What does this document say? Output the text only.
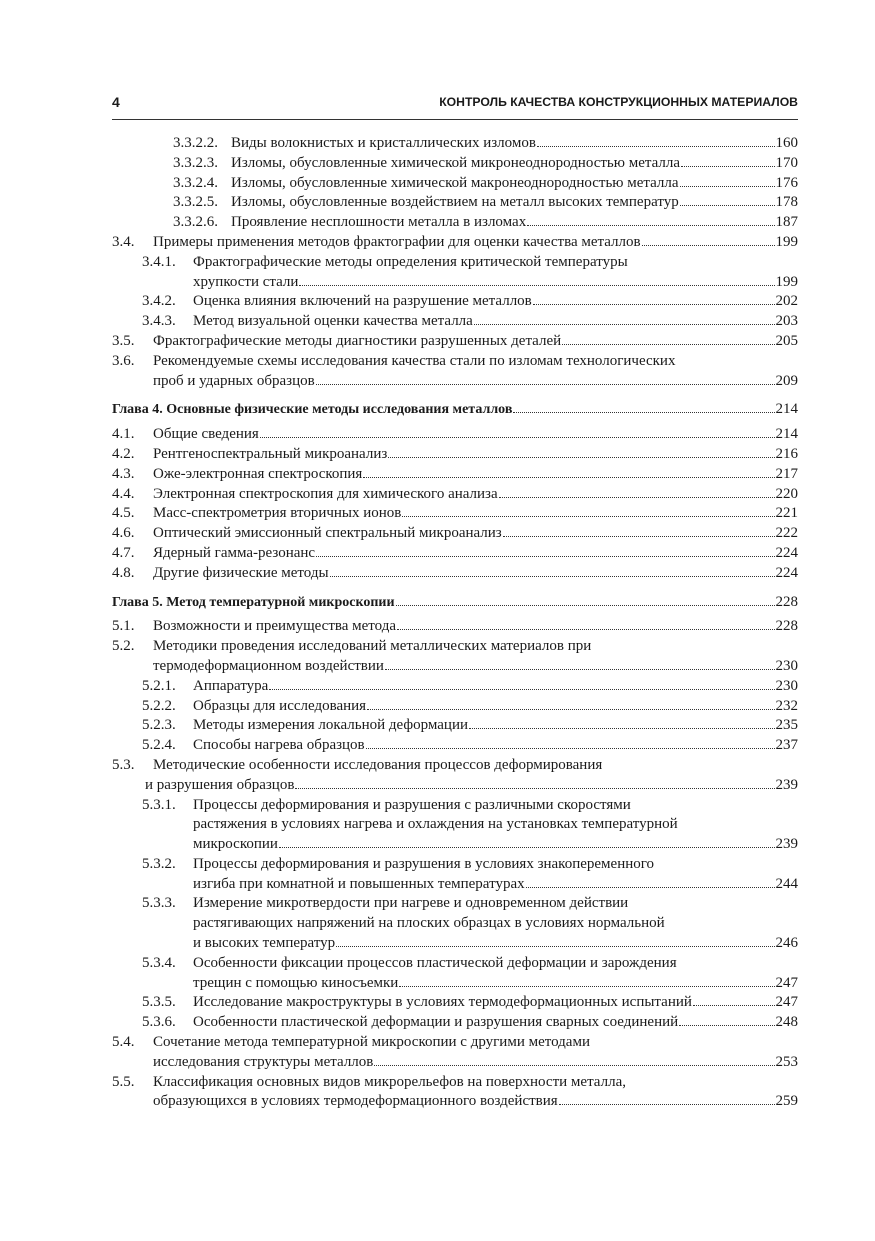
4	КОНТРОЛЬ КАЧЕСТВА КОНСТРУКЦИОННЫХ МАТЕРИАЛОВ
3.3.2.2. Виды волокнистых и кристаллических изломов	160
3.3.2.3. Изломы, обусловленные химической микронеоднородностью металла	170
3.3.2.4. Изломы, обусловленные химической макронеоднородностью металла	176
3.3.2.5. Изломы, обусловленные воздействием на металл высоких температур	178
3.3.2.6. Проявление несплошности металла в изломах	187
3.4. Примеры применения методов фрактографии для оценки качества металлов	199
3.4.1. Фрактографические методы определения критической температуры
хрупкости стали	199
3.4.2. Оценка влияния включений на разрушение металлов	202
3.4.3. Метод визуальной оценки качества металла	203
3.5. Фрактографические методы диагностики разрушенных деталей	205
3.6. Рекомендуемые схемы исследования качества стали по изломам технологических
проб и ударных образцов	209
Глава 4. Основные физические методы исследования металлов	214
4.1. Общие сведения	214
4.2. Рентгеноспектральный микроанализ	216
4.3. Оже-электронная спектроскопия	217
4.4. Электронная спектроскопия для химического анализа	220
4.5. Масс-спектрометрия вторичных ионов	221
4.6. Оптический эмиссионный спектральный микроанализ	222
4.7. Ядерный гамма-резонанс	224
4.8. Другие физические методы	224
Глава 5. Метод температурной микроскопии	228
5.1. Возможности и преимущества метода	228
5.2. Методики проведения исследований металлических материалов при
термодеформационном воздействии	230
5.2.1. Аппаратура	230
5.2.2. Образцы для исследования	232
5.2.3. Методы измерения локальной деформации	235
5.2.4. Способы нагрева образцов	237
5.3. Методические особенности исследования процессов деформирования
и разрушения образцов	239
5.3.1. Процессы деформирования и разрушения с различными скоростями
растяжения в условиях нагрева и охлаждения на установках температурной
микроскопии	239
5.3.2. Процессы деформирования и разрушения в условиях знакопеременного
изгиба при комнатной и повышенных температурах	244
5.3.3. Измерение микротвердости при нагреве и одновременном действии
растягивающих напряжений на плоских образцах в условиях нормальной
и высоких температур	246
5.3.4. Особенности фиксации процессов пластической деформации и зарождения
трещин с помощью киносъемки	247
5.3.5. Исследование макроструктуры в условиях термодеформационных испытаний	247
5.3.6. Особенности пластической деформации и разрушения сварных соединений	248
5.4. Сочетание метода температурной микроскопии с другими методами
исследования структуры металлов	253
5.5. Классификация основных видов микрорельефов на поверхности металла,
образующихся в условиях термодеформационного воздействия	259
